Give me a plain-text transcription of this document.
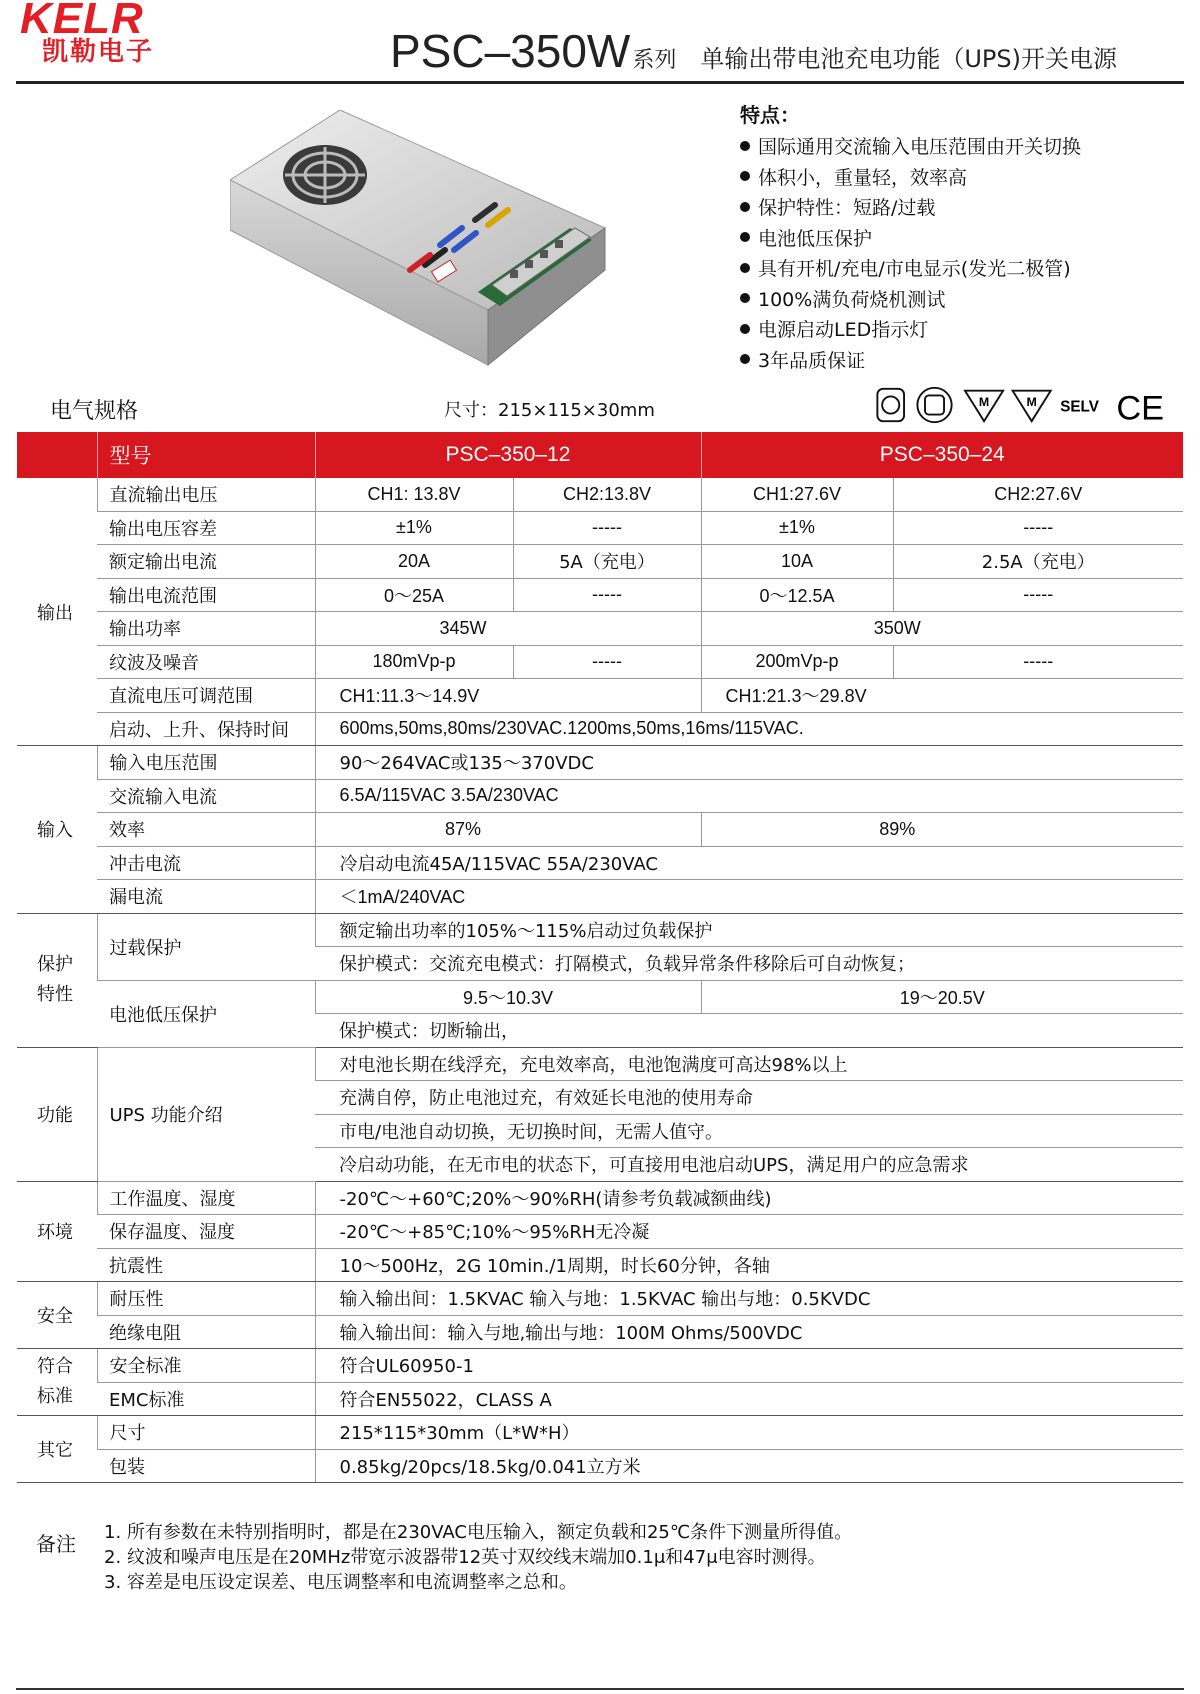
KELR
凯勒电子	PSC–350W系列 单输出带电池充电功能（UPS)开关电源
特点：
国际通用交流输入电压范围由开关切换
体积小，重量轻，效率高
保护特性：短路/过载
电池低压保护
具有开机/充电/市电显示(发光二极管)
100%满负荷烧机测试
电源启动LED指示灯
3年品质保证
电气规格	尺寸：215×115×30mm	M	M SELV CE
	型号	PSC–350–12		PSC–350–24	
输出	直流输出电压	CH1: 13.8V	CH2:13.8V	CH1:27.6V	CH2:27.6V
	输出电压容差	±1%	-----	±1%	-----
	额定输出电流	20A	5A（充电）	10A	2.5A（充电）
	输出电流范围	0～25A	-----	0～12.5A	-----
	输出功率	345W		350W	
	纹波及噪音	180mVp-p	-----	200mVp-p	-----
	直流电压可调范围	CH1:11.3～14.9V		CH1:21.3～29.8V	
	启动、上升、保持时间	600ms,50ms,80ms/230VAC.1200ms,50ms,16ms/115VAC.			
输入	输入电压范围	90～264VAC或135～370VDC			
	交流输入电流	6.5A/115VAC 3.5A/230VAC			
	效率	87%		89%	
	冲击电流	冷启动电流45A/115VAC 55A/230VAC			
	漏电流	＜1mA/240VAC			
保护
特性	过载保护	额定输出功率的105%～115%启动过负载保护			
		保护模式：交流充电模式：打隔模式，负载异常条件移除后可自动恢复；			
	电池低压保护	9.5～10.3V		19～20.5V	
		保护模式：切断输出，			
功能	UPS 功能介绍	对电池长期在线浮充，充电效率高，电池饱满度可高达98%以上			
		充满自停，防止电池过充，有效延长电池的使用寿命			
		市电/电池自动切换，无切换时间，无需人值守。			
		冷启动功能，在无市电的状态下，可直接用电池启动UPS，满足用户的应急需求			
环境	工作温度、湿度	-20℃～+60℃;20%～90%RH(请参考负载减额曲线)			
	保存温度、湿度	-20℃～+85℃;10%～95%RH无冷凝			
	抗震性	10～500Hz，2G 10min./1周期，时长60分钟，各轴			
安全	耐压性	输入输出间：1.5KVAC 输入与地：1.5KVAC 输出与地：0.5KVDC			
	绝缘电阻	输入输出间：输入与地,输出与地：100M Ohms/500VDC			
符合
标准	安全标准	符合UL60950-1			
	EMC标准	符合EN55022，CLASS A			
其它	尺寸	215*115*30mm（L*W*H）			
	包装	0.85kg/20pcs/18.5kg/0.041立方米			
备注 1. 所有参数在未特别指明时，都是在230VAC电压输入，额定负载和25℃条件下测量所得值。
2. 纹波和噪声电压是在20MHz带宽示波器带12英寸双绞线末端加0.1μ和47μ电容时测得。
3. 容差是电压设定误差、电压调整率和电流调整率之总和。
